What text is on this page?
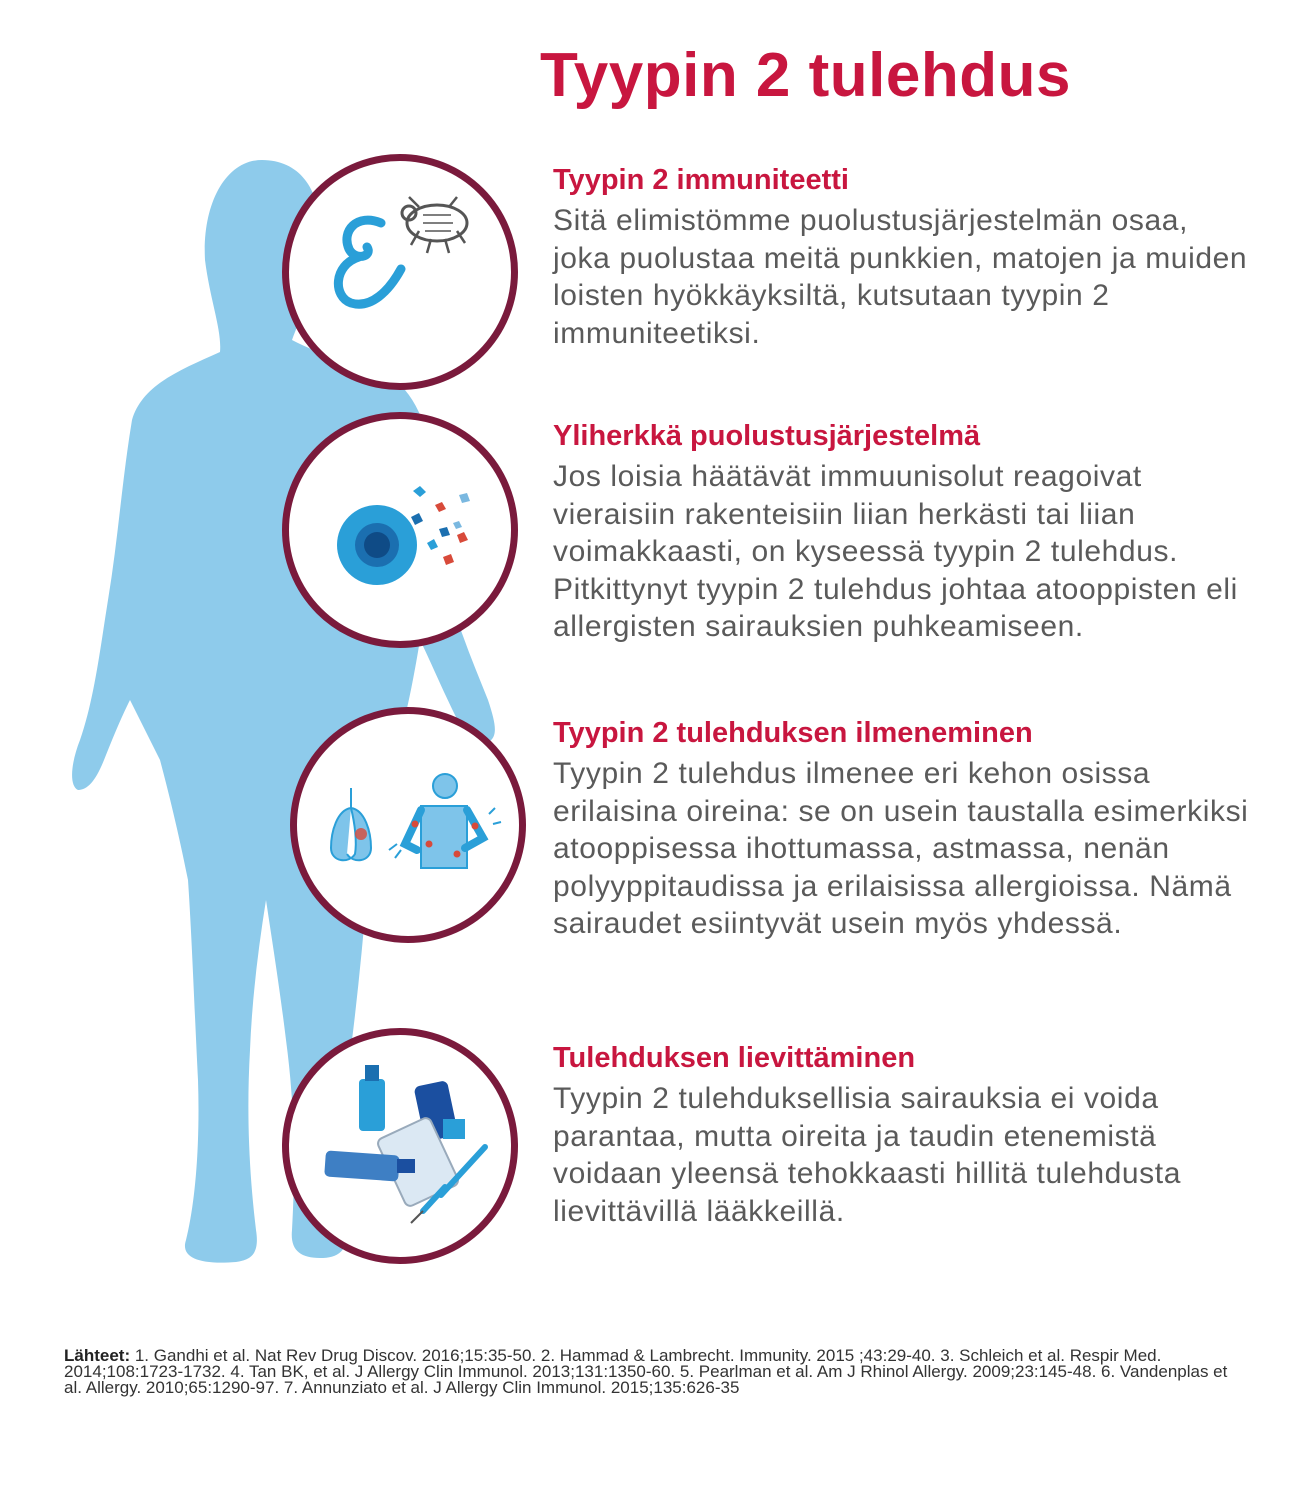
Tyypin 2 tulehdus
Tyypin 2 immuniteetti

Sitä elimistömme puolustusjärjestelmän osaa, joka puolustaa meitä punkkien, matojen ja muiden loisten hyökkäyksiltä, kutsutaan tyypin 2 immuniteetiksi.

Yliherkkä puolustusjärjestelmä

Jos loisia häätävät immuunisolut reagoivat vieraisiin rakenteisiin liian herkästi tai liian voimakkaasti, on kyseessä tyypin 2 tulehdus. Pitkittynyt tyypin 2 tulehdus johtaa atooppisten eli allergisten sairauksien puhkeamiseen.

Tyypin 2 tulehduksen ilmeneminen

Tyypin 2 tulehdus ilmenee eri kehon osissa erilaisina oireina: se on usein taustalla esimerkiksi atooppisessa ihottumassa, astmassa, nenän polyyppitaudissa ja erilaisissa allergioissa. Nämä sairaudet esiintyvät usein myös yhdessä.

Tulehduksen lievittäminen

Tyypin 2 tulehduksellisia sairauksia ei voida parantaa, mutta oireita ja taudin etenemistä voidaan yleensä tehokkaasti hillitä tulehdusta lievittävillä lääkkeillä.

Lähteet: 1. Gandhi et al. Nat Rev Drug Discov. 2016;15:35-50. 2. Hammad & Lambrecht. Immunity. 2015 ;43:29-40. 3. Schleich et al. Respir Med. 2014;108:1723-1732. 4. Tan BK, et al. J Allergy Clin Immunol. 2013;131:1350-60. 5. Pearlman et al. Am J Rhinol Allergy. 2009;23:145-48. 6. Vandenplas et al. Allergy. 2010;65:1290-97. 7. Annunziato et al. J Allergy Clin Immunol. 2015;135:626-35
